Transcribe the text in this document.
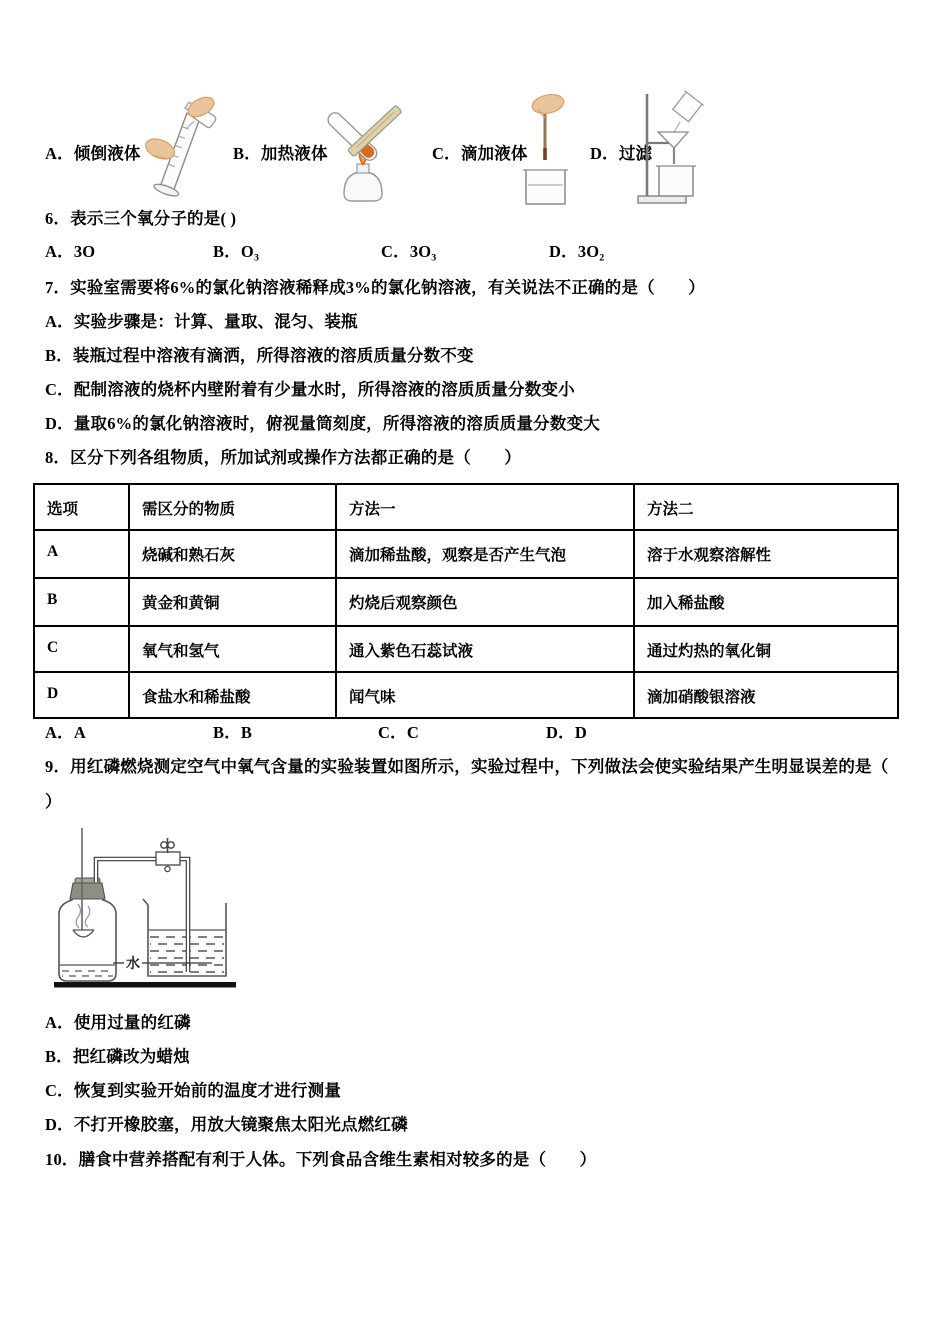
A．倾倒液体	B．加热液体	C．滴加液体	D．过滤
6．表示三个氧分子的是( )
A．3O	B．O₃	C．3O₃	D．3O₂
7．实验室需要将6%的氯化钠溶液稀释成3%的氯化钠溶液，有关说法不正确的是（　　）
A．实验步骤是：计算、量取、混匀、装瓶
B．装瓶过程中溶液有滴洒，所得溶液的溶质质量分数不变
C．配制溶液的烧杯内壁附着有少量水时，所得溶液的溶质质量分数变小
D．量取6%的氯化钠溶液时，俯视量筒刻度，所得溶液的溶质质量分数变大
8．区分下列各组物质，所加试剂或操作方法都正确的是（　　）
选项	需区分的物质	方法一	方法二
A	烧碱和熟石灰	滴加稀盐酸，观察是否产生气泡	溶于水观察溶解性
B	黄金和黄铜	灼烧后观察颜色	加入稀盐酸
C	氧气和氢气	通入紫色石蕊试液	通过灼热的氧化铜
D	食盐水和稀盐酸	闻气味	滴加硝酸银溶液
A．A	B．B	C．C	D．D
9．用红磷燃烧测定空气中氧气含量的实验装置如图所示，实验过程中，下列做法会使实验结果产生明显误差的是（
）
水
A．使用过量的红磷
B．把红磷改为蜡烛
C．恢复到实验开始前的温度才进行测量
D．不打开橡胶塞，用放大镜聚焦太阳光点燃红磷
10．膳食中营养搭配有利于人体。下列食品含维生素相对较多的是（　　）
